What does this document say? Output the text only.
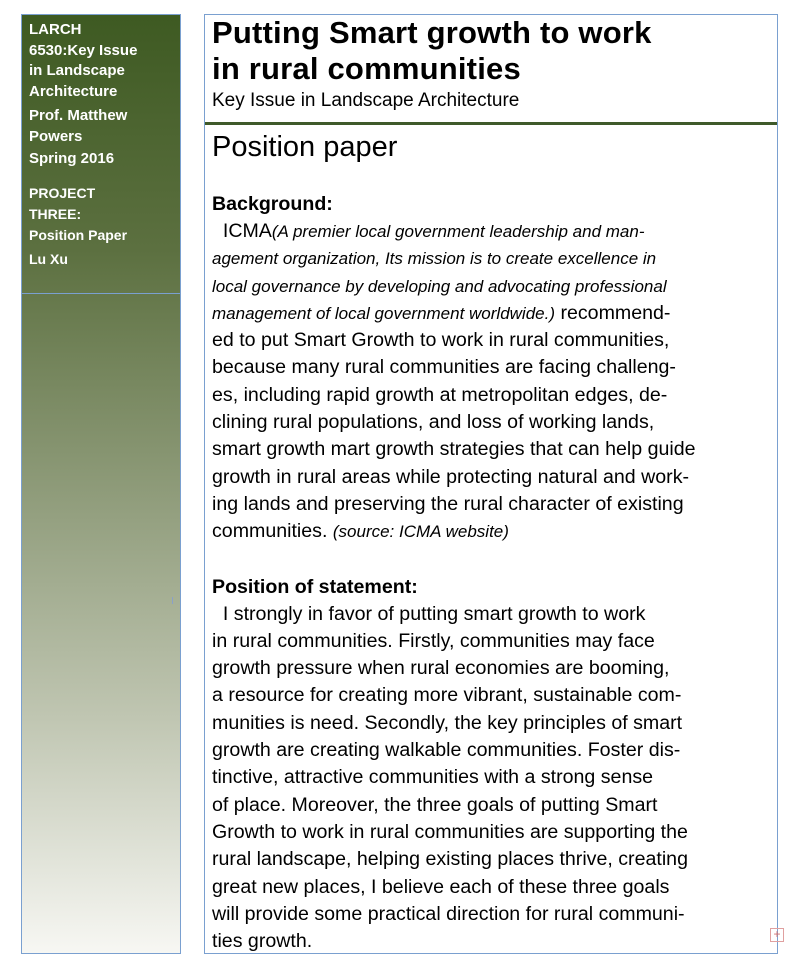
LARCH
6530:Key Issue
in Landscape
Architecture
Prof. Matthew
Powers
Spring 2016
PROJECT
THREE:
Position Paper
Lu Xu
Putting Smart growth to work
in rural communities
Key Issue in Landscape Architecture
Position paper
Background:
ICMA(A premier local government leadership and man-
agement organization, Its mission is to create excellence in
local governance by developing and advocating professional
management of local government worldwide.) recommend-
ed to put Smart Growth to work in rural communities,
because many rural communities are facing challeng-
es, including rapid growth at metropolitan edges, de-
clining rural populations, and loss of working lands,
smart growth mart growth strategies that can help guide
growth in rural areas while protecting natural and work-
ing lands and preserving the rural character of existing
communities. (source: ICMA website)
Position of statement:
I strongly in favor of putting smart growth to work
in rural communities. Firstly, communities may face
growth pressure when rural economies are booming,
a resource for creating more vibrant, sustainable com-
munities is need. Secondly, the key principles of smart
growth are creating walkable communities. Foster dis-
tinctive, attractive communities with a strong sense
of place. Moreover, the three goals of putting Smart
Growth to work in rural communities are supporting the
rural landscape, helping existing places thrive, creating
great new places, I believe each of these three goals
will provide some practical direction for rural communi-
ties growth.	+
